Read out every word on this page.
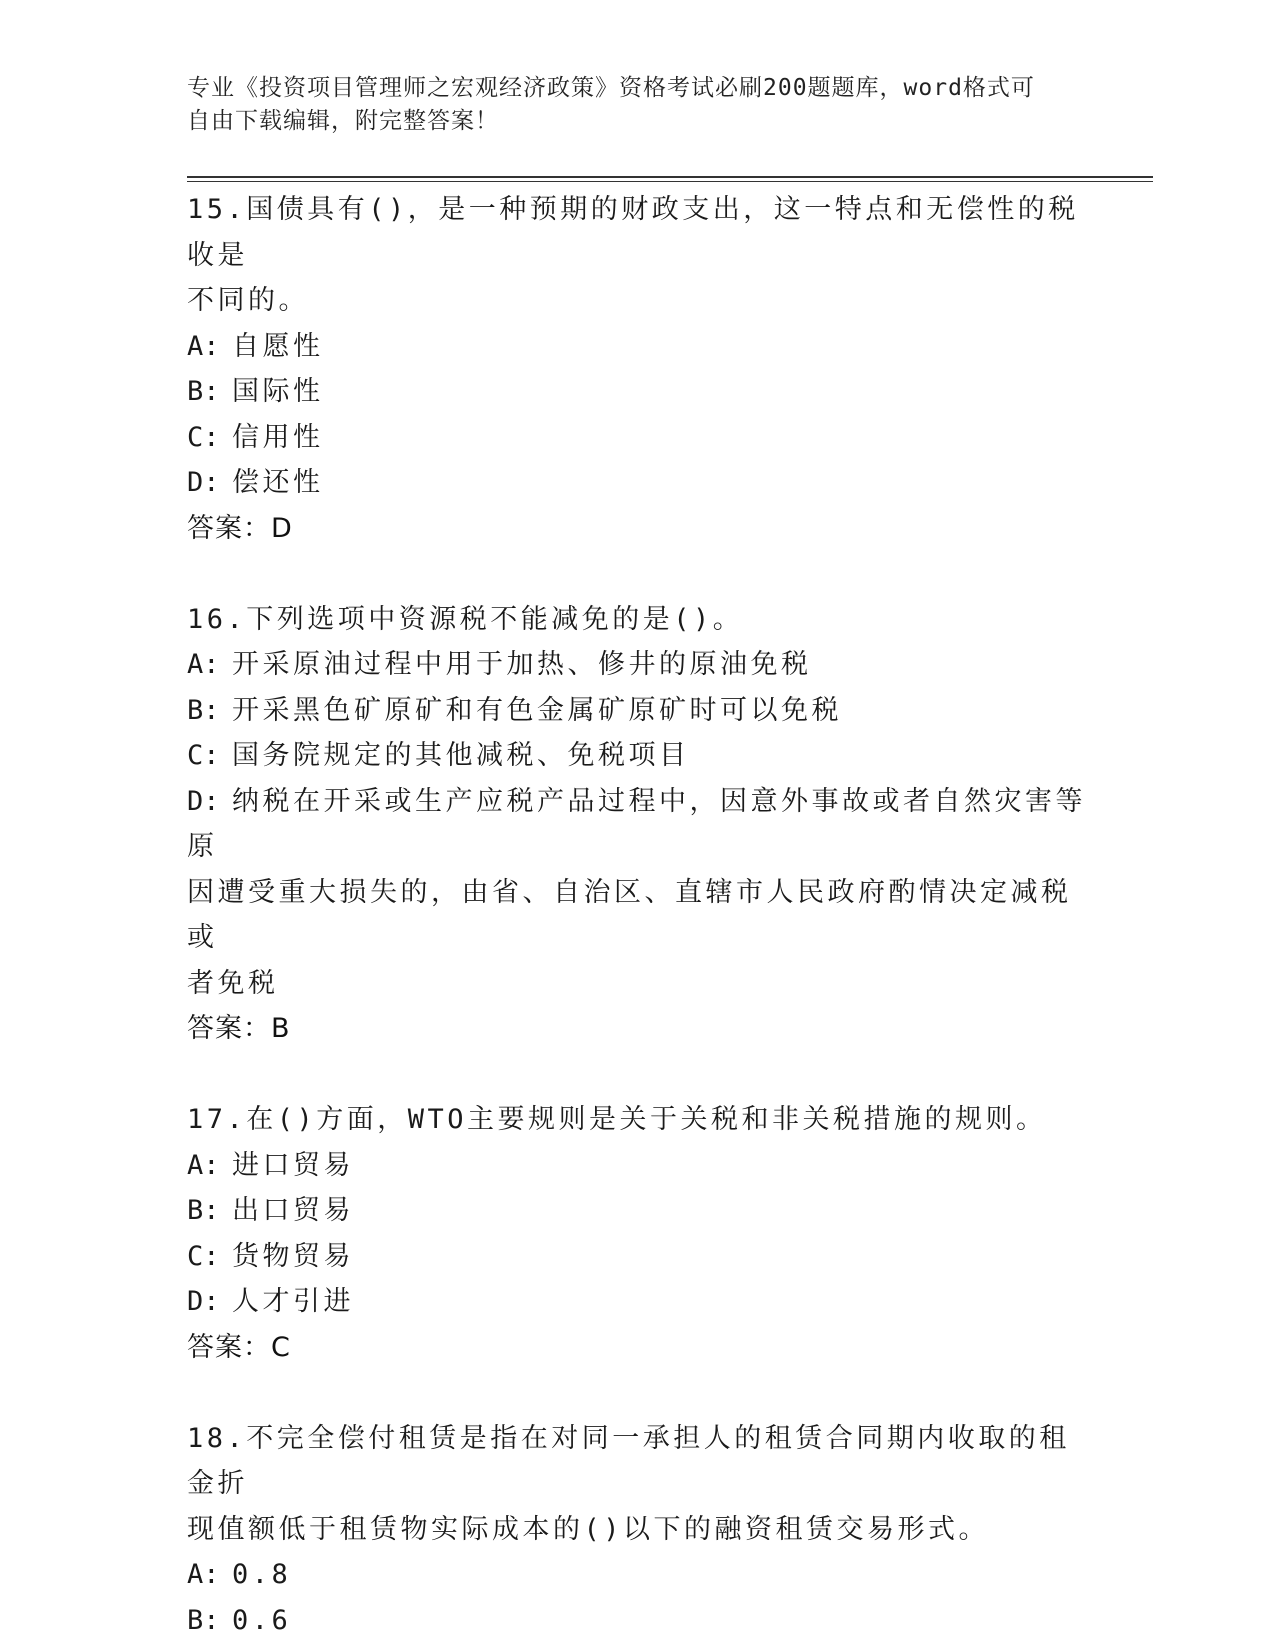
专业《投资项目管理师之宏观经济政策》资格考试必刷200题题库，word格式可
自由下载编辑，附完整答案！
15.国债具有()，是一种预期的财政支出，这一特点和无偿性的税收是
不同的。
A: 自愿性
B: 国际性
C: 信用性
D: 偿还性
答案：D
16.下列选项中资源税不能减免的是()。
A: 开采原油过程中用于加热、修井的原油免税
B: 开采黑色矿原矿和有色金属矿原矿时可以免税
C: 国务院规定的其他减税、免税项目
D: 纳税在开采或生产应税产品过程中，因意外事故或者自然灾害等原
因遭受重大损失的，由省、自治区、直辖市人民政府酌情决定减税或
者免税
答案：B
17.在()方面，WTO主要规则是关于关税和非关税措施的规则。
A: 进口贸易
B: 出口贸易
C: 货物贸易
D: 人才引进
答案：C
18.不完全偿付租赁是指在对同一承担人的租赁合同期内收取的租金折
现值额低于租赁物实际成本的()以下的融资租赁交易形式。
A: 0.8
B: 0.6
